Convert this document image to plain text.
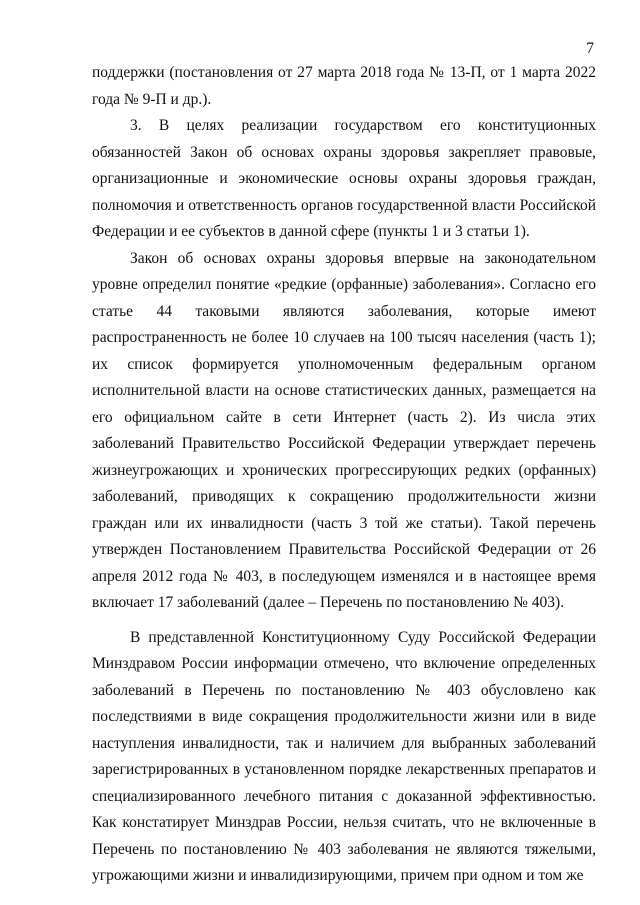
7

поддержки (постановления от 27 марта 2018 года № 13-П, от 1 марта 2022 года № 9-П и др.).

3. В целях реализации государством его конституционных обязанностей Закон об основах охраны здоровья закрепляет правовые, организационные и экономические основы охраны здоровья граждан, полномочия и ответственность органов государственной власти Российской Федерации и ее субъектов в данной сфере (пункты 1 и 3 статьи 1).

Закон об основах охраны здоровья впервые на законодательном уровне определил понятие «редкие (орфанные) заболевания». Согласно его статье 44 таковыми являются заболевания, которые имеют распространенность не более 10 случаев на 100 тысяч населения (часть 1); их список формируется уполномоченным федеральным органом исполнительной власти на основе статистических данных, размещается на его официальном сайте в сети Интернет (часть 2). Из числа этих заболеваний Правительство Российской Федерации утверждает перечень жизнеугрожающих и хронических прогрессирующих редких (орфанных) заболеваний, приводящих к сокращению продолжительности жизни граждан или их инвалидности (часть 3 той же статьи). Такой перечень утвержден Постановлением Правительства Российской Федерации от 26 апреля 2012 года № 403, в последующем изменялся и в настоящее время включает 17 заболеваний (далее – Перечень по постановлению № 403).

В представленной Конституционному Суду Российской Федерации Минздравом России информации отмечено, что включение определенных заболеваний в Перечень по постановлению № 403 обусловлено как последствиями в виде сокращения продолжительности жизни или в виде наступления инвалидности, так и наличием для выбранных заболеваний зарегистрированных в установленном порядке лекарственных препаратов и специализированного лечебного питания с доказанной эффективностью. Как констатирует Минздрав России, нельзя считать, что не включенные в Перечень по постановлению № 403 заболевания не являются тяжелыми, угрожающими жизни и инвалидизирующими, причем при одном и том же
